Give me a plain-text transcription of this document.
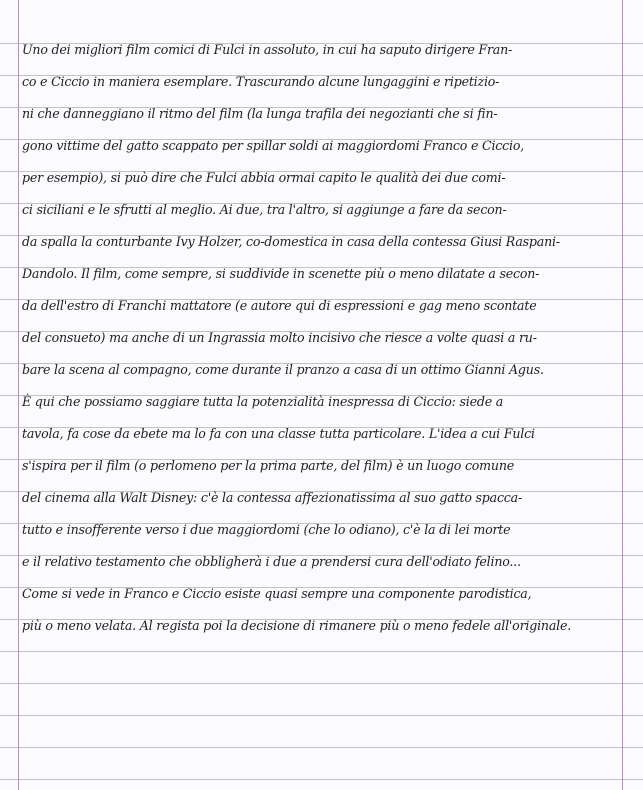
Uno dei migliori film comici di Fulci in assoluto, in cui ha saputo dirigere Fran-
co e Ciccio in maniera esemplare. Trascurando alcune lungaggini e ripetizio-
ni che danneggiano il ritmo del film (la lunga trafila dei negozianti che si fin-
gono vittime del gatto scappato per spillar soldi ai maggiordomi Franco e Ciccio,
per esempio), si può dire che Fulci abbia ormai capito le qualità dei due comi-
ci siciliani e le sfrutti al meglio. Ai due, tra l'altro, si aggiunge a fare da secon-
da spalla la conturbante Ivy Holzer, co-domestica in casa della contessa Giusi Raspani-
Dandolo. Il film, come sempre, si suddivide in scenette più o meno dilatate a secon-
da dell'estro di Franchi mattatore (e autore qui di espressioni e gag meno scontate
del consueto) ma anche di un Ingrassia molto incisivo che riesce a volte quasi a ru-
bare la scena al compagno, come durante il pranzo a casa di un ottimo Gianni Agus.
È qui che possiamo saggiare tutta la potenzialità inespressa di Ciccio: siede a
tavola, fa cose da ebete ma lo fa con una classe tutta particolare. L'idea a cui Fulci
s'ispira per il film (o perlomeno per la prima parte, del film) è un luogo comune
del cinema alla Walt Disney: c'è la contessa affezionatissima al suo gatto spacca-
tutto e insofferente verso i due maggiordomi (che lo odiano), c'è la di lei morte
e il relativo testamento che obbligherà i due a prendersi cura dell'odiato felino...
Come si vede in Franco e Ciccio esiste quasi sempre una componente parodistica,
più o meno velata. Al regista poi la decisione di rimanere più o meno fedele all'originale.
